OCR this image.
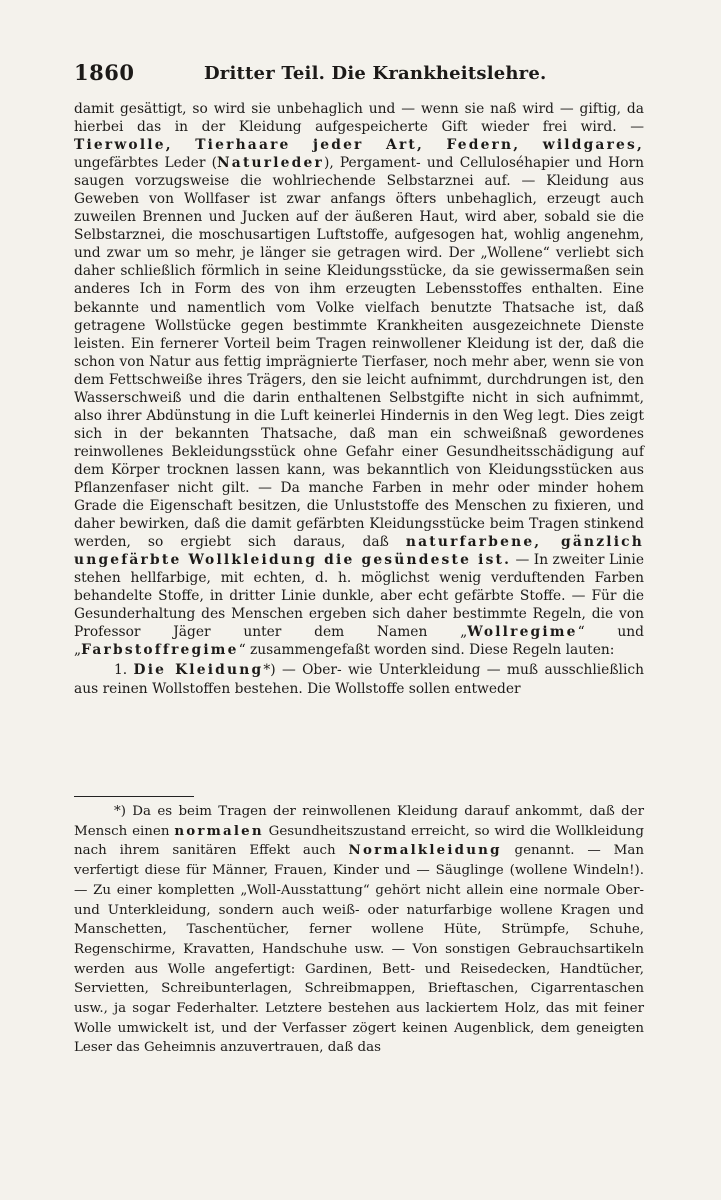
1860	Dritter Teil. Die Krankheitslehre.

damit gesättigt, so wird sie unbehaglich und — wenn sie naß wird — giftig, da hierbei das in der Kleidung aufgespeicherte Gift wieder frei wird. — Tierwolle, Tierhaare jeder Art, Federn, wildgares, ungefärbtes Leder (Naturleder), Pergament- und Celluloséhapier und Horn saugen vorzugsweise die wohlriechende Selbstarznei auf. — Kleidung aus Geweben von Wollfaser ist zwar anfangs öfters unbehaglich, erzeugt auch zuweilen Brennen und Jucken auf der äußeren Haut, wird aber, sobald sie die Selbstarznei, die moschusartigen Luftstoffe, aufgesogen hat, wohlig angenehm, und zwar um so mehr, je länger sie getragen wird. Der „Wollene“ verliebt sich daher schließlich förmlich in seine Kleidungsstücke, da sie gewissermaßen sein anderes Ich in Form des von ihm erzeugten Lebensstoffes enthalten. Eine bekannte und namentlich vom Volke vielfach benutzte Thatsache ist, daß getragene Wollstücke gegen bestimmte Krankheiten ausgezeichnete Dienste leisten. Ein fernerer Vorteil beim Tragen reinwollener Kleidung ist der, daß die schon von Natur aus fettig imprägnierte Tierfaser, noch mehr aber, wenn sie von dem Fettschweiße ihres Trägers, den sie leicht aufnimmt, durchdrungen ist, den Wasserschweiß und die darin enthaltenen Selbstgifte nicht in sich aufnimmt, also ihrer Abdünstung in die Luft keinerlei Hindernis in den Weg legt. Dies zeigt sich in der bekannten Thatsache, daß man ein schweißnaß gewordenes reinwollenes Bekleidungsstück ohne Gefahr einer Gesundheitsschädigung auf dem Körper trocknen lassen kann, was bekanntlich von Kleidungsstücken aus Pflanzenfaser nicht gilt. — Da manche Farben in mehr oder minder hohem Grade die Eigenschaft besitzen, die Unluststoffe des Menschen zu fixieren, und daher bewirken, daß die damit gefärbten Kleidungsstücke beim Tragen stinkend werden, so ergiebt sich daraus, daß naturfarbene, gänzlich ungefärbte Wollkleidung die gesündeste ist. — In zweiter Linie stehen hellfarbige, mit echten, d. h. möglichst wenig verduftenden Farben behandelte Stoffe, in dritter Linie dunkle, aber echt gefärbte Stoffe. — Für die Gesunderhaltung des Menschen ergeben sich daher bestimmte Regeln, die von Professor Jäger unter dem Namen „Wollregime“ und „Farbstoffregime“ zusammengefaßt worden sind. Diese Regeln lauten:

1. Die Kleidung*) — Ober- wie Unterkleidung — muß ausschließlich aus reinen Wollstoffen bestehen. Die Wollstoffe sollen entweder

*) Da es beim Tragen der reinwollenen Kleidung darauf ankommt, daß der Mensch einen normalen Gesundheitszustand erreicht, so wird die Wollkleidung nach ihrem sanitären Effekt auch Normalkleidung genannt. — Man verfertigt diese für Männer, Frauen, Kinder und — Säuglinge (wollene Windeln!). — Zu einer kompletten „Woll-Ausstattung“ gehört nicht allein eine normale Ober- und Unterkleidung, sondern auch weiß- oder naturfarbige wollene Kragen und Manschetten, Taschentücher, ferner wollene Hüte, Strümpfe, Schuhe, Regenschirme, Kravatten, Handschuhe usw. — Von sonstigen Gebrauchsartikeln werden aus Wolle angefertigt: Gardinen, Bett- und Reisedecken, Handtücher, Servietten, Schreibunterlagen, Schreibmappen, Brieftaschen, Cigarrentaschen usw., ja sogar Federhalter. Letztere bestehen aus lackiertem Holz, das mit feiner Wolle umwickelt ist, und der Verfasser zögert keinen Augenblick, dem geneigten Leser das Geheimnis anzuvertrauen, daß das
